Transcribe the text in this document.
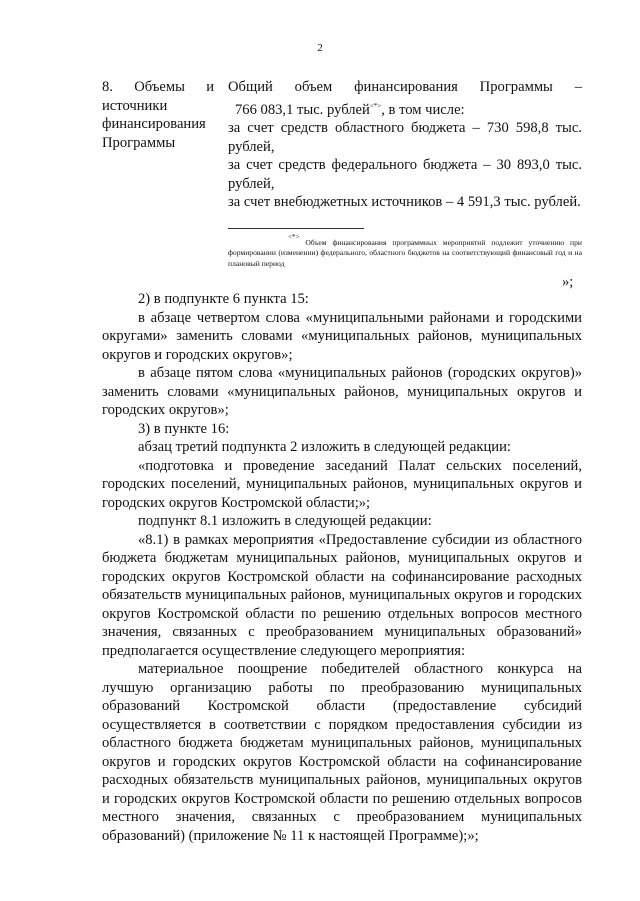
2
8. Объемы и
источники
финансирования
Программы

Общий объем финансирования Программы –

766 083,1 тыс. рублей<*>, в том числе:

за счет средств областного бюджета – 730 598,8 тыс. рублей,

за счет средств федерального бюджета – 30 893,0 тыс. рублей,

за счет внебюджетных источников – 4 591,3 тыс. рублей.

<*> Объем финансирования программных мероприятий подлежит уточнению при формировании (изменении) федерального, областного бюджетов на соответствующий финансовый год и на плановый период
»;

2) в подпункте 6 пункта 15:

в абзаце четвертом слова «муниципальными районами и городскими округами» заменить словами «муниципальных районов, муниципальных округов и городских округов»;

в абзаце пятом слова «муниципальных районов (городских округов)» заменить словами «муниципальных районов, муниципальных округов и городских округов»;

3) в пункте 16:

абзац третий подпункта 2 изложить в следующей редакции:

«подготовка и проведение заседаний Палат сельских поселений, городских поселений, муниципальных районов, муниципальных округов и городских округов Костромской области;»;

подпункт 8.1 изложить в следующей редакции:

«8.1) в рамках мероприятия «Предоставление субсидии из областного бюджета бюджетам муниципальных районов, муниципальных округов и городских округов Костромской области на софинансирование расходных обязательств муниципальных районов, муниципальных округов и городских округов Костромской области по решению отдельных вопросов местного значения, связанных с преобразованием муниципальных образований» предполагается осуществление следующего мероприятия:

материальное поощрение победителей областного конкурса на лучшую организацию работы по преобразованию муниципальных образований Костромской области (предоставление субсидий осуществляется в соответствии с порядком предоставления субсидии из областного бюджета бюджетам муниципальных районов, муниципальных округов и городских округов Костромской области на софинансирование расходных обязательств муниципальных районов, муниципальных округов и городских округов Костромской области по решению отдельных вопросов местного значения, связанных с преобразованием муниципальных образований) (приложение № 11 к настоящей Программе);»;
